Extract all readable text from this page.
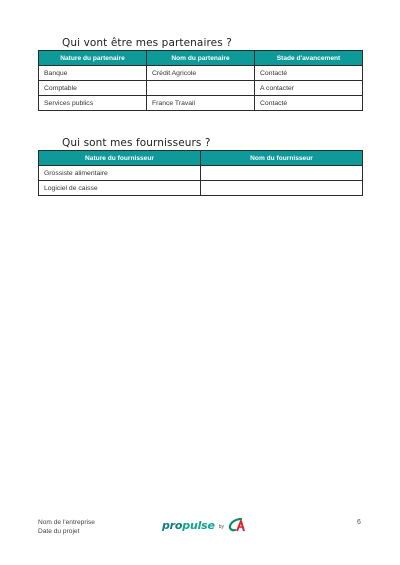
Qui vont être mes partenaires ?
Nature du partenaire	Nom du partenaire	Stade d'avancement
Banque	Crédit Agricole	Contacté
Comptable		A contacter
Services publics	France Travail	Contacté
Qui sont mes fournisseurs ?
Nature du fournisseur	Nom du fournisseur
Grossiste alimentaire	
Logiciel de caisse	
Nom de l'entreprise
Date du projet	propulse by
6
